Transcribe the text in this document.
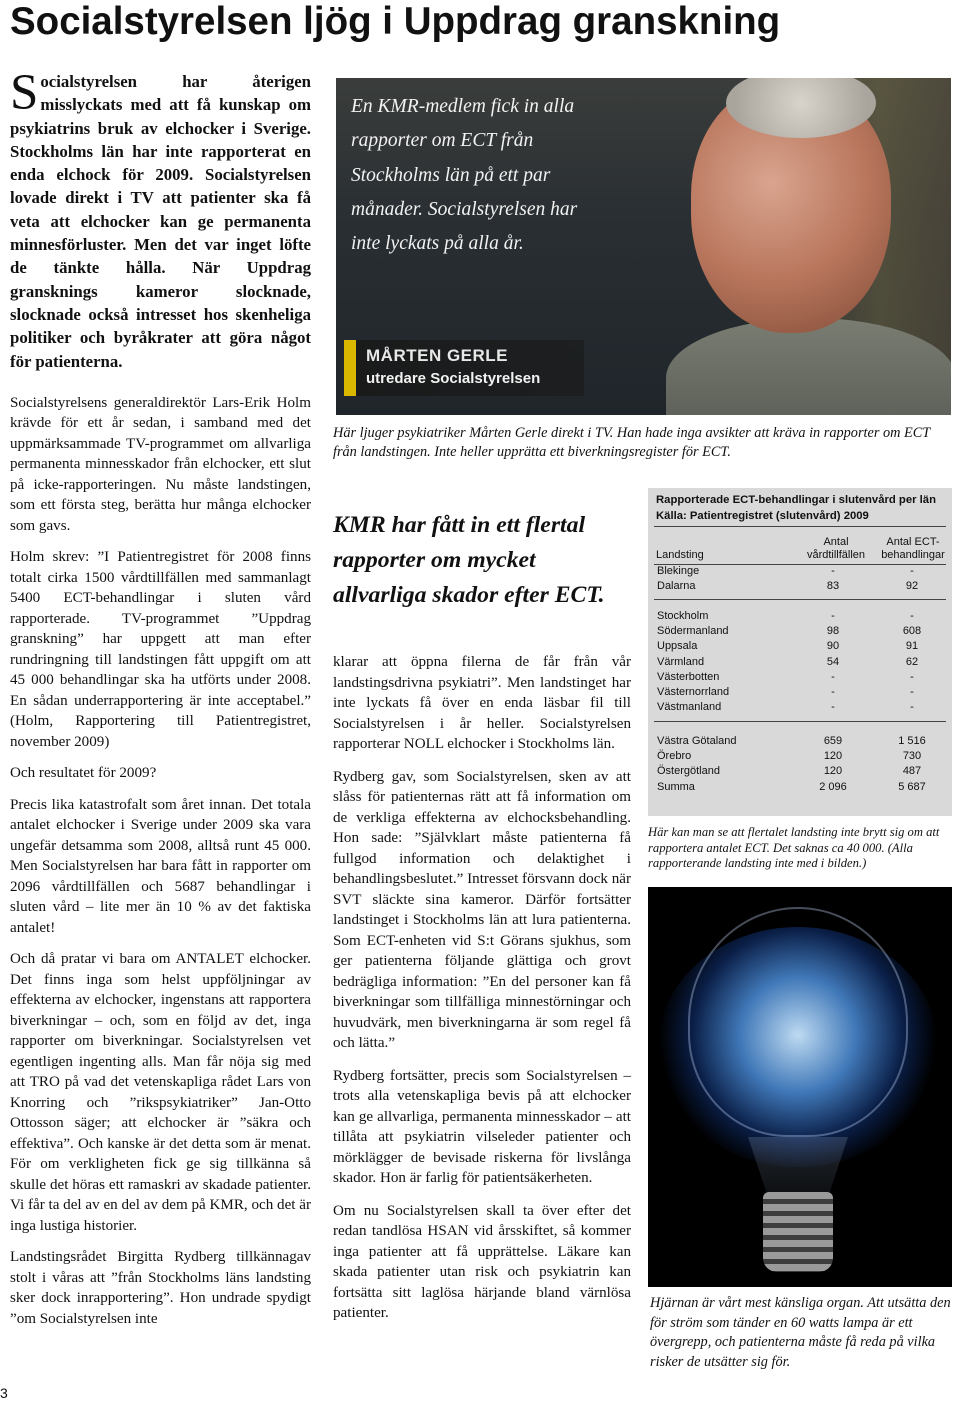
Socialstyrelsen ljög i Uppdrag granskning

Socialstyrelsen har återigen misslyckats med att få kunskap om psykiatrins bruk av elchocker i Sverige. Stockholms län har inte rapporterat en enda elchock för 2009. Socialstyrelsen lovade direkt i TV att patienter ska få veta att elchocker kan ge permanenta minnesförluster. Men det var inget löfte de tänkte hålla. När Uppdrag gransknings kameror slocknade, slocknade också intresset hos skenheliga politiker och byråkrater att göra något för patienterna.

Socialstyrelsens generaldirektör Lars-Erik Holm krävde för ett år sedan, i samband med det uppmärksammade TV-programmet om allvarliga permanenta minnesskador från elchocker, ett slut på icke-rapporteringen. Nu måste landstingen, som ett första steg, berätta hur många elchocker som gavs.

Holm skrev: ”I Patientregistret för 2008 finns totalt cirka 1500 vårdtillfällen med sammanlagt 5400 ECT-behandlingar i sluten vård rapporterade. TV-programmet ”Uppdrag granskning” har uppgett att man efter rundringning till landstingen fått uppgift om att 45 000 behandlingar ska ha utförts under 2008. En sådan underrapportering är inte acceptabel.” (Holm, Rapportering till Patientregistret, november 2009)

Och resultatet för 2009?

Precis lika katastrofalt som året innan. Det totala antalet elchocker i Sverige under 2009 ska vara ungefär detsamma som 2008, alltså runt 45 000. Men Socialstyrelsen har bara fått in rapporter om 2096 vårdtillfällen och 5687 behandlingar i sluten vård – lite mer än 10 % av det faktiska antalet!

Och då pratar vi bara om ANTALET elchocker. Det finns inga som helst uppföljningar av effekterna av elchocker, ingenstans att rapportera biverkningar – och, som en följd av det, inga rapporter om biverkningar. Socialstyrelsen vet egentligen ingenting alls. Man får nöja sig med att TRO på vad det vetenskapliga rådet Lars von Knorring och ”rikspsykiatriker” Jan-Otto Ottosson säger; att elchocker är ”säkra och effektiva”. Och kanske är det detta som är menat. För om verkligheten fick ge sig tillkänna så skulle det höras ett ramaskri av skadade patienter. Vi får ta del av en del av dem på KMR, och det är inga lustiga historier.

Landstingsrådet Birgitta Rydberg tillkännagav stolt i våras att ”från Stockholms läns landsting sker dock inrapportering”. Hon undrade spydigt ”om Socialstyrelsen inte

3
En KMR-medlem fick in alla rapporter om ECT från Stockholms län på ett par månader. Socialstyrelsen har inte lyckats på alla år.
MÅRTEN GERLE
utredare Socialstyrelsen

Här ljuger psykiatriker Mårten Gerle direkt i TV. Han hade inga avsikter att kräva in rapporter om ECT från landstingen. Inte heller upprätta ett biverkningsregister för ECT.

KMR har fått in ett flertal rapporter om mycket allvarliga skador efter ECT.

klarar att öppna filerna de får från vår landstingsdrivna psykiatri”. Men landstinget har inte lyckats få över en enda läsbar fil till Socialstyrelsen i år heller. Socialstyrelsen rapporterar NOLL elchocker i Stockholms län.

Rydberg gav, som Socialstyrelsen, sken av att slåss för patienternas rätt att få information om de verkliga effekterna av elchocksbehandling. Hon sade: ”Självklart måste patienterna få fullgod information och delaktighet i behandlingsbeslutet.” Intresset försvann dock när SVT släckte sina kameror. Därför fortsätter landstinget i Stockholms län att lura patienterna. Som ECT-enheten vid S:t Görans sjukhus, som ger patienterna följande glättiga och grovt bedrägliga information: ”En del personer kan få biverkningar som tillfälliga minnestörningar och huvudvärk, men biverkningarna är som regel få och lätta.”

Rydberg fortsätter, precis som Socialstyrelsen – trots alla vetenskapliga bevis på att elchocker kan ge allvarliga, permanenta minnesskador – att tillåta att psykiatrin vilseleder patienter och mörklägger de bevisade riskerna för livslånga skador. Hon är farlig för patientsäkerheten.

Om nu Socialstyrelsen skall ta över efter det redan tandlösa HSAN vid årsskiftet, så kommer inga patienter att få upprättelse. Läkare kan skada patienter utan risk och psykiatrin kan fortsätta sitt laglösa härjande bland värnlösa patienter.

Rapporterade ECT-behandlingar i slutenvård per län
Källa: Patientregistret (slutenvård) 2009
Landsting
Antal vårdtillfällen
Antal ECT-behandlingar
Blekinge	-	-
Dalarna	83	92
Stockholm	-	-
Södermanland	98	608
Uppsala	90	91
Värmland	54	62
Västerbotten	-	-
Västernorrland	-	-
Västmanland	-	-
Västra Götaland	659	1 516
Örebro	120	730
Östergötland	120	487
Summa	2 096	5 687

Här kan man se att flertalet landsting inte brytt sig om att rapportera antalet ECT. Det saknas ca 40 000. (Alla rapporterande landsting inte med i bilden.)

Hjärnan är vårt mest känsliga organ. Att utsätta den för ström som tänder en 60 watts lampa är ett övergrepp, och patienterna måste få reda på vilka risker de utsätter sig för.
